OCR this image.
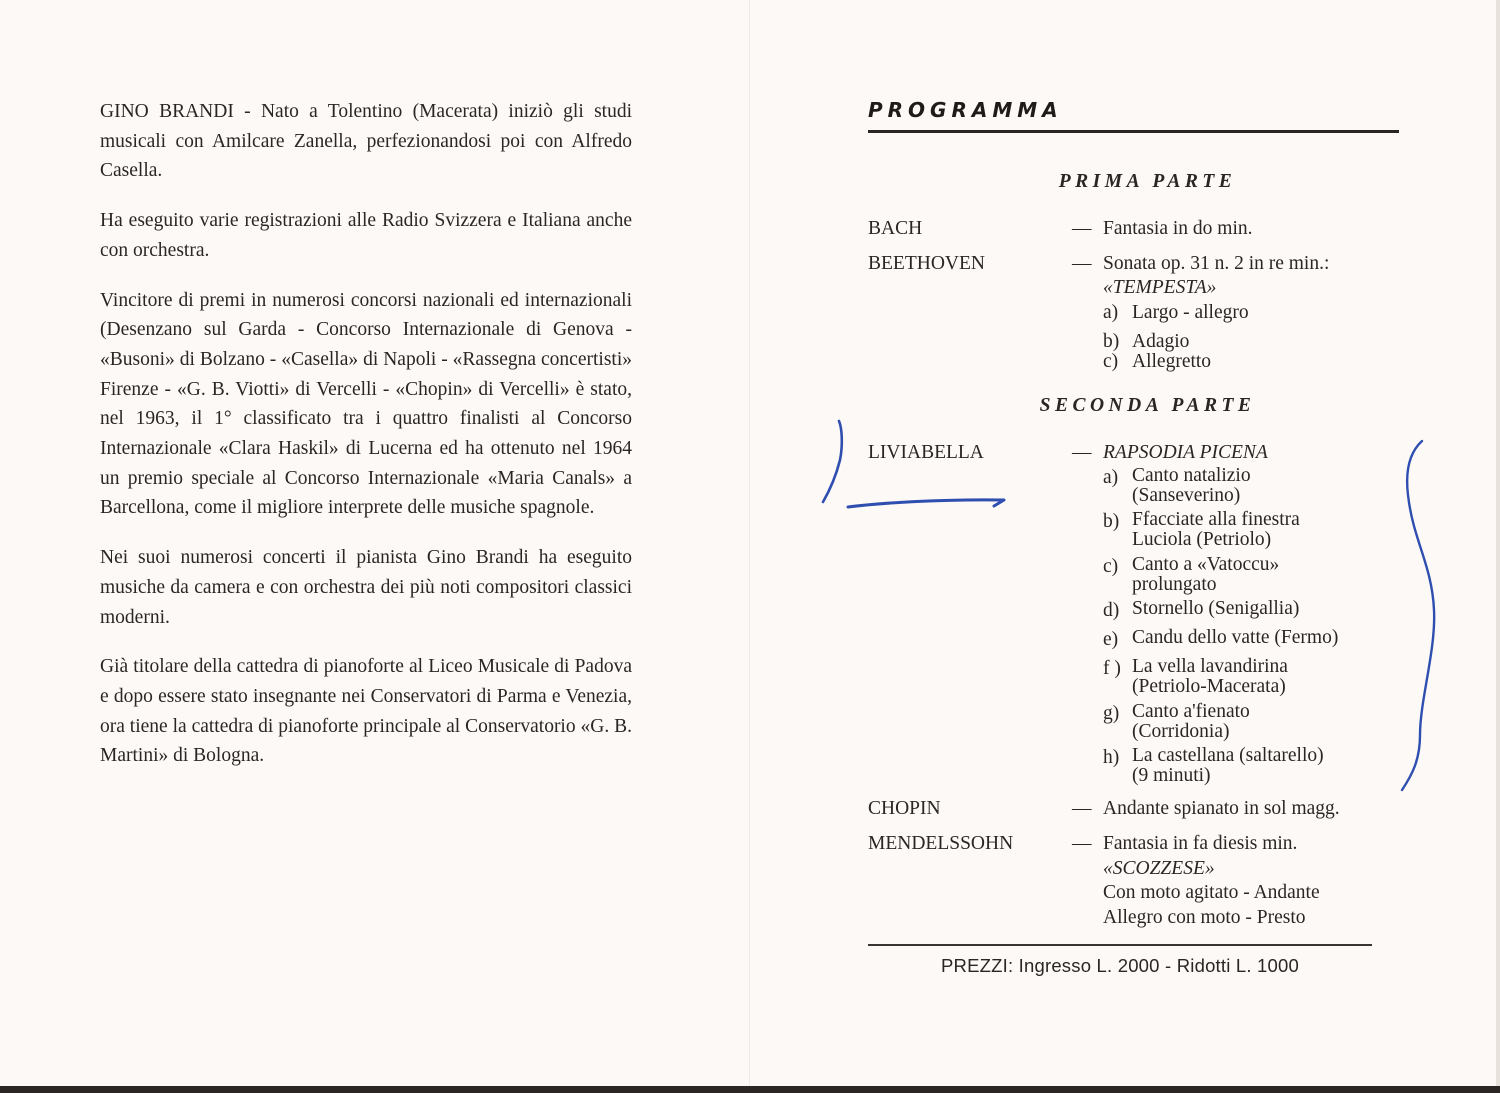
GINO BRANDI - Nato a Tolentino (Macerata) iniziò gli studi musicali con Amilcare Zanella, perfezionandosi poi con Alfredo Casella.

Ha eseguito varie registrazioni alle Radio Svizzera e Italiana anche con orchestra.

Vincitore di premi in numerosi concorsi nazionali ed internazionali (Desenzano sul Garda - Concorso Internazionale di Genova - «Busoni» di Bolzano - «Casella» di Napoli - «Rassegna concertisti» Firenze - «G. B. Viotti» di Vercelli - «Chopin» di Vercelli» è stato, nel 1963, il 1° classificato tra i quattro finalisti al Concorso Internazionale «Clara Haskil» di Lucerna ed ha ottenuto nel 1964 un premio speciale al Concorso Internazionale «Maria Canals» a Barcellona, come il migliore interprete delle musiche spagnole.

Nei suoi numerosi concerti il pianista Gino Brandi ha eseguito musiche da camera e con orchestra dei più noti compositori classici moderni.

Già titolare della cattedra di pianoforte al Liceo Musicale di Padova e dopo essere stato insegnante nei Conservatori di Parma e Venezia, ora tiene la cattedra di pianoforte principale al Conservatorio «G. B. Martini» di Bologna.

PROGRAMMA
PRIMA PARTE
BACH	— Fantasia in do min.
BEETHOVEN	— Sonata op. 31 n. 2 in re min.:
«TEMPESTA»
a) Largo - allegro
b) Adagio
c) Allegretto
SECONDA PARTE
LIVIABELLA	— RAPSODIA PICENA
a) Canto natalizio
(Sanseverino)
b) Ffacciate alla finestra
Luciola (Petriolo)
c) Canto a «Vatoccu»
prolungato
d) Stornello (Senigallia)
e) Candu dello vatte (Fermo)
f ) La vella lavandirina
(Petriolo-Macerata)
g) Canto a'fienato
(Corridonia)
h) La castellana (saltarello)
(9 minuti)
CHOPIN	— Andante spianato in sol magg.
MENDELSSOHN	— Fantasia in fa diesis min.
«SCOZZESE»
Con moto agitato - Andante
Allegro con moto - Presto
PREZZI: Ingresso L. 2000 - Ridotti L. 1000
